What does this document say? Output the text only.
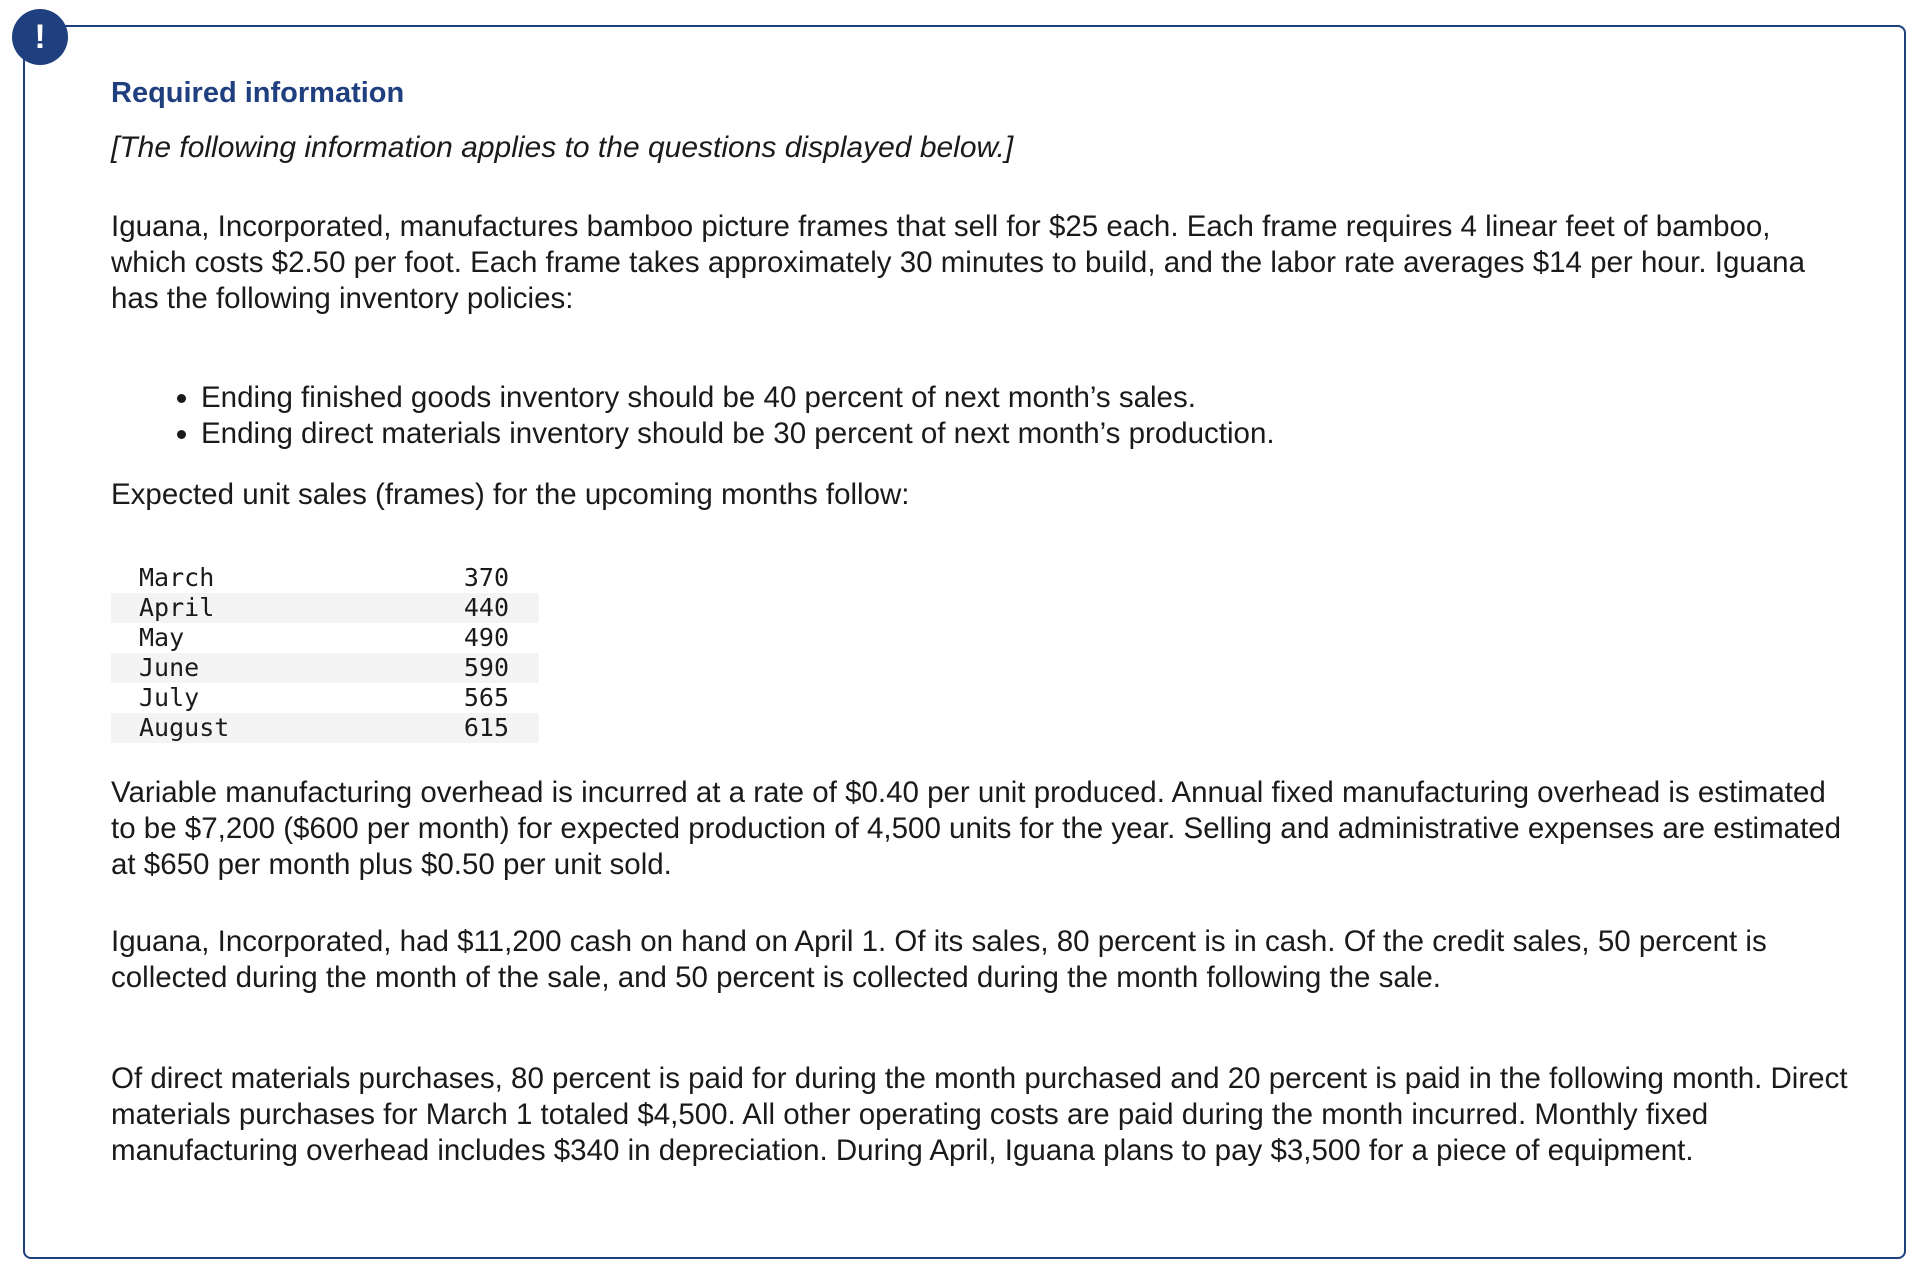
!
Required information

[The following information applies to the questions displayed below.]

Iguana, Incorporated, manufactures bamboo picture frames that sell for $25 each. Each frame requires 4 linear feet of bamboo, which costs $2.50 per foot. Each frame takes approximately 30 minutes to build, and the labor rate averages $14 per hour. Iguana has the following inventory policies:

• Ending finished goods inventory should be 40 percent of next month’s sales.
• Ending direct materials inventory should be 30 percent of next month’s production.

Expected unit sales (frames) for the upcoming months follow:

March	370
April	440
May	490
June	590
July	565
August	615

Variable manufacturing overhead is incurred at a rate of $0.40 per unit produced. Annual fixed manufacturing overhead is estimated to be $7,200 ($600 per month) for expected production of 4,500 units for the year. Selling and administrative expenses are estimated at $650 per month plus $0.50 per unit sold.

Iguana, Incorporated, had $11,200 cash on hand on April 1. Of its sales, 80 percent is in cash. Of the credit sales, 50 percent is collected during the month of the sale, and 50 percent is collected during the month following the sale.

Of direct materials purchases, 80 percent is paid for during the month purchased and 20 percent is paid in the following month. Direct materials purchases for March 1 totaled $4,500. All other operating costs are paid during the month incurred. Monthly fixed manufacturing overhead includes $340 in depreciation. During April, Iguana plans to pay $3,500 for a piece of equipment.
